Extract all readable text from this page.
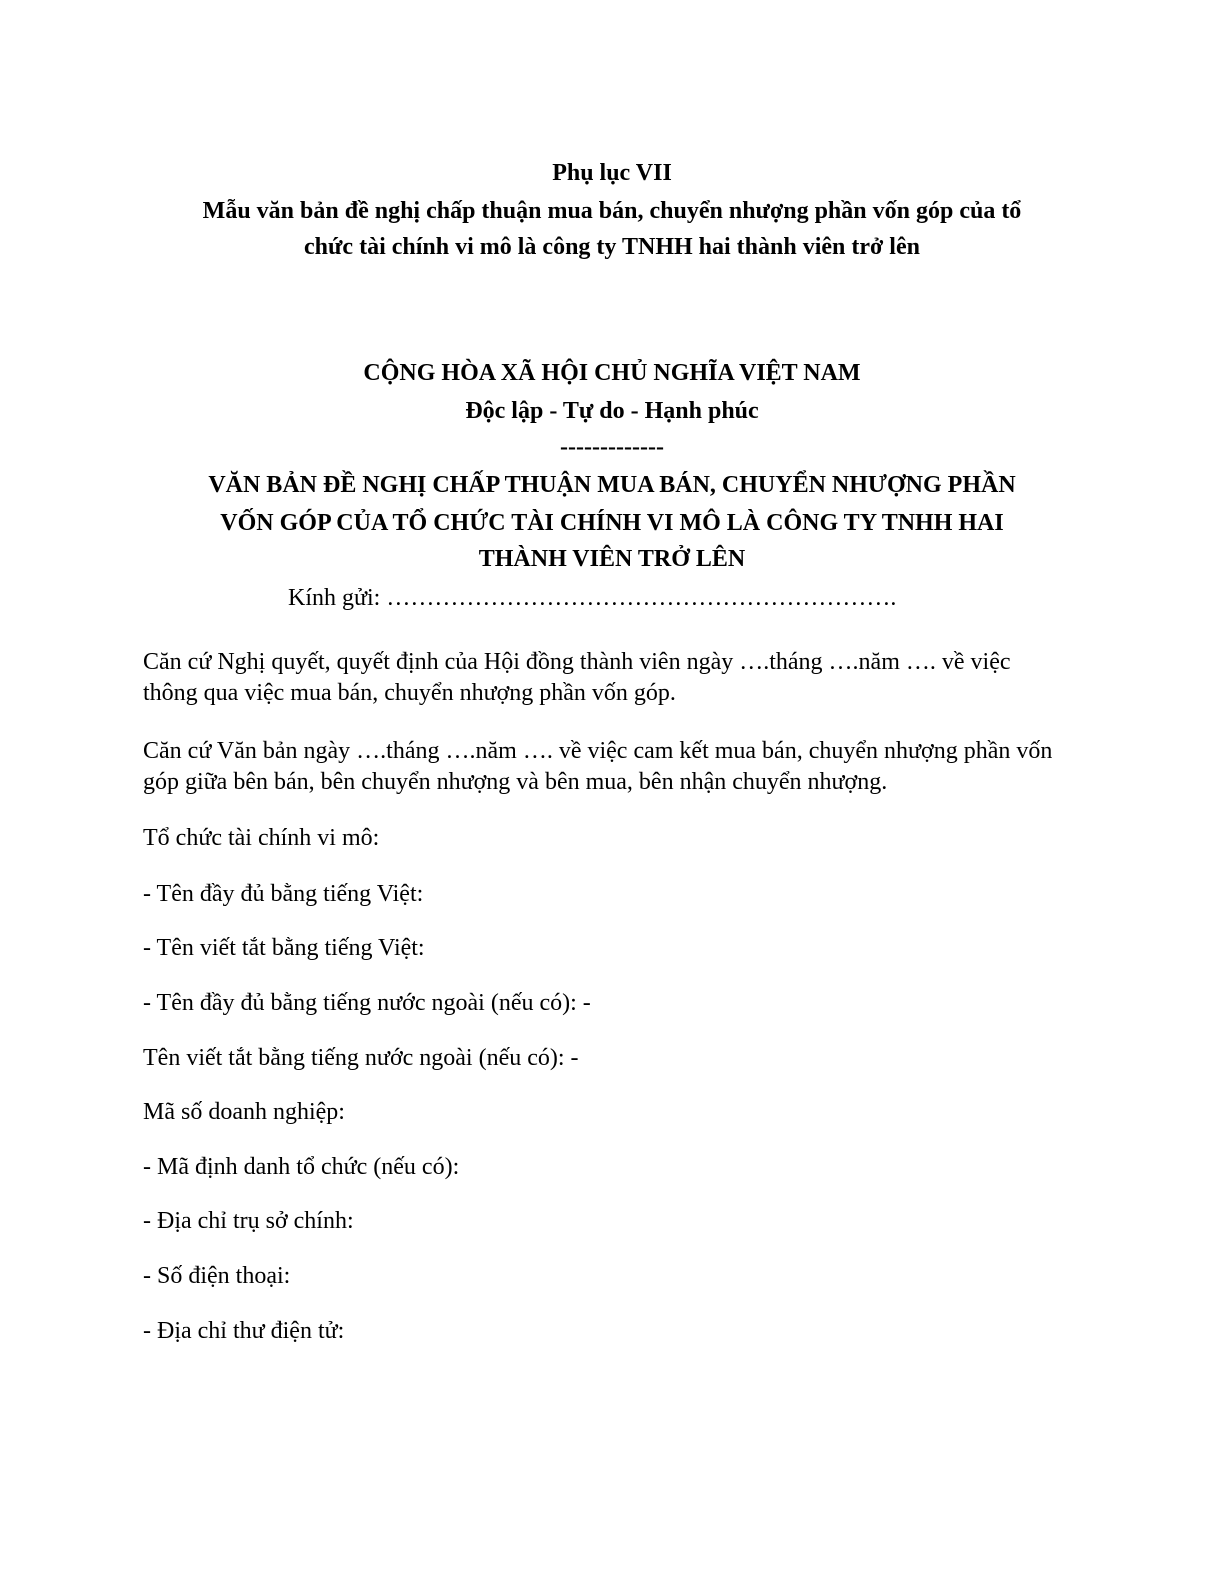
Phụ lục VII

Mẫu văn bản đề nghị chấp thuận mua bán, chuyển nhượng phần vốn góp của tổ

chức tài chính vi mô là công ty TNHH hai thành viên trở lên

CỘNG HÒA XÃ HỘI CHỦ NGHĨA VIỆT NAM

Độc lập - Tự do - Hạnh phúc

-------------

VĂN BẢN ĐỀ NGHỊ CHẤP THUẬN MUA BÁN, CHUYỂN NHƯỢNG PHẦN

VỐN GÓP CỦA TỔ CHỨC TÀI CHÍNH VI MÔ LÀ CÔNG TY TNHH HAI

THÀNH VIÊN TRỞ LÊN

Kính gửi: ……………………………………………………….

Căn cứ Nghị quyết, quyết định của Hội đồng thành viên ngày ….tháng ….năm …. về việc thông qua việc mua bán, chuyển nhượng phần vốn góp.

Căn cứ Văn bản ngày ….tháng ….năm …. về việc cam kết mua bán, chuyển nhượng phần vốn góp giữa bên bán, bên chuyển nhượng và bên mua, bên nhận chuyển nhượng.

Tổ chức tài chính vi mô:

- Tên đầy đủ bằng tiếng Việt:

- Tên viết tắt bằng tiếng Việt:

- Tên đầy đủ bằng tiếng nước ngoài (nếu có): -

Tên viết tắt bằng tiếng nước ngoài (nếu có): -

Mã số doanh nghiệp:

- Mã định danh tổ chức (nếu có):

- Địa chỉ trụ sở chính:

- Số điện thoại:

- Địa chỉ thư điện tử:
